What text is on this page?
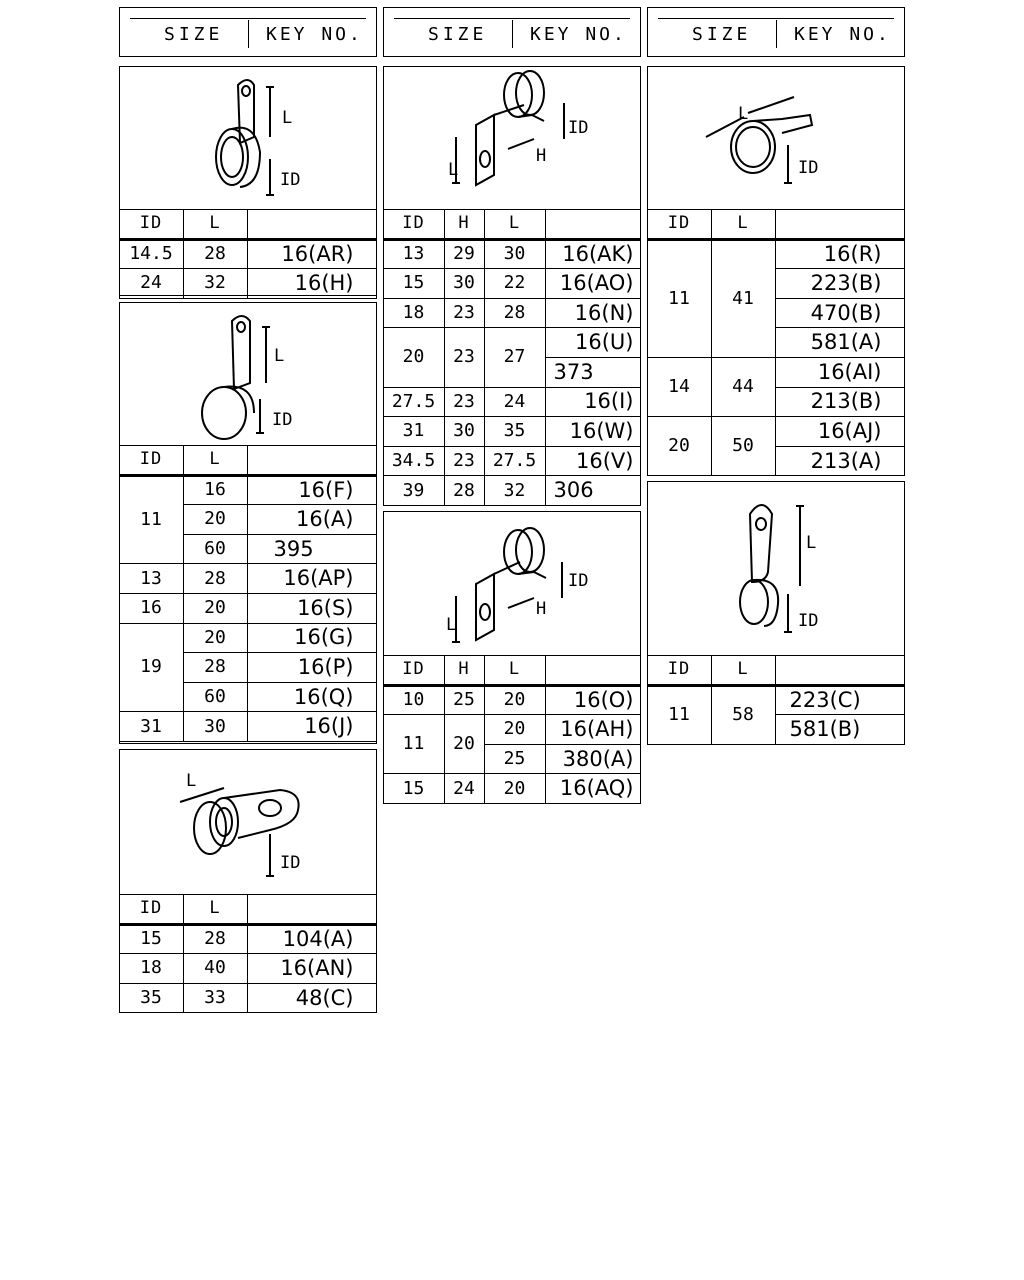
SIZE KEY NO.	SIZE KEY NO.	SIZE KEY NO.
L
ID
ID	L	
14.5	28	16(AR)
24	32	16(H)
L
ID
ID	L	
11	16	16(F)
	20	16(A)
	60	395
13	28	16(AP)
16	20	16(S)
19	20	16(G)
	28	16(P)
	60	16(Q)
31	30	16(J)
L
ID
ID	L	
15	28	104(A)
18	40	16(AN)
35	33	48(C)
L
ID
H
ID	H	L	
13	29	30	16(AK)
15	30	22	16(AO)
18	23	28	16(N)
20	23	27	16(U)
			373
27.5	23	24	16(I)
31	30	35	16(W)
34.5	23	27.5	16(V)
39	28	32	306
L
ID
H
ID	H	L	
10	25	20	16(O)
11	20	20	16(AH)
		25	380(A)
15	24	20	16(AQ)
L
ID
ID	L	
11	41	16(R)
		223(B)
		470(B)
		581(A)
14	44	16(AI)
		213(B)
20	50	16(AJ)
		213(A)
L
ID
ID	L	
11	58	223(C)
		581(B)
